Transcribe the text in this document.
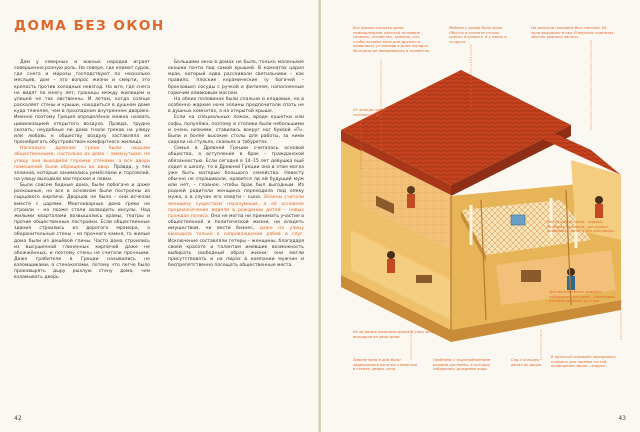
ДОМА БЕЗ ОКОН

Дом у северных и южных народов играет совершенно разную роль. На севере, где климат суров, где снега и морозы господствуют по несколько месяцев, дом – это вопрос жизни и смерти, это крепость против холодных невзгод. На юге, где снега не видят по многу лет, границы между жилищем и улицей не так явственны. И летом, когда солнце раскаляет стены и крыши, находиться в душном доме куда тяжелее, чем в прохладном внутреннем дворике. Именно поэтому Греция определённо можно назвать цивилизацией открытого воздуха. Правда, трудно сказать, неудобные ли дома гнали греков на улицу или любовь к обществу воздуху заставляла их пренебрегать обустройством комфортного жилища.

Насколько древние греки были людьми общественными, настолько их дома – замкнутыми: на улицу они выходили глухими стенами, а все двери помещений были обращены во двор. Правда, у тех эллинов, которые занимались ремёслами и торговлей, на улицу выходили мастерские и лавки.

Были совсем бедные дома, были побогаче и даже роскошные, но все в основном были построены из сырцового кирпича. Дворцов не было – они исчезли вместе с царями. Многокварные дома греки не строили – но позже стали возводить инсулы. Над жилыми кварталами возвышались храмы, театры и прочие общественные постройки. Если общественные здания строились из дорогого мрамора, а оборонительные стены – из прочного камня, то жилые дома были из дешёвой глины. Часто дома строились из высушенной глинянных кирпичей даже не обожжённых, и поэтому стены не считали прочными. Даже грабители в Греции назывались не взломщиками, а стенокопами, потому что легче было проковырять дыру рыхлую стену дома, чем взламывать дверь.

Большими окна в домах не было, только маленькие окошки почти под самой крышей. В комнатах царил мрак, который едва рассеивали светильники – как правило, плоские керамические (у богачей – бронзовые) сосуды с ручкой и фитилем, наполненные горючим оливковым маслом.

На обеих половинах были спальни и кладовые, но в особенно жаркие ночи эллины предпочитали спать не в душных комнатах, а на открытой крыше.

Если на специальных ложах, вроде кушетки или софы, полулёжа, поэтому и столики были небольшими и очень низкими, ставились вокруг ног буквой «П». Были и более высокие столы для работы, за ними сидели на стульях, скамьях и табуретах.

Семья в Древней Греции считалась основой общества, а вступление в брак – гражданской обязанностью. Если сегодня в 14–15 лет девушка ещё ходит в школу, то в Древней Греции она в этом могла уже быть матерью большого семейства. Невесту обычно не спрашивали, нравится ли ей будущий муж или нет, – главное, чтобы брак был выгодным. Из родной родители женщина переходила под опеку мужа, а в случае его смерти – сына. Эллины считали женщину существом неразумным, а её основное предназначение видели в рождении детей – новых граждан полиса. Она не могла ни принимать участие в общественной и политической жизни, ни владеть имуществом, ни вести бизнес, даже на улицу выходила только в сопровождении рабов и слуг. Исключение составляли гетеры – женщины, благодаря своей красоте и талантам имевшие возможность выбирать свободный образ жизни: они могли присутствовать и на пирах в компании мужчин и беспрепятственно посещать общественные места.

42
Все жилые комнаты дома принадлежали женской половине – гинекею. Хозяйство, трапеза, сон, чтобы хозяйка вела дом дружно и правильно, установив в доме порядок. Мужчины не вмешивались в хозяйство.
Мебели у домов было мало. Обычно в комнате стояло кресло и кровать, а у лавок и сундуки.
От холода греки спасали печи.
На женской половине был гинекей. Её окна выходили в сад. В верхних комнатах обычно хранили запасы.
Место для хозяина – андрон. Мужская половина, где хозяин принимал гостей и вёл разговоры.
Для мужчин было принято собираться на пирах – симпозиях, которые длились до утра.
В мужской половине находились комнаты для приема гостей, проведения пиров – андрон.
Замкнутыми в дом были заделывания изнутри отверстия в стенах, двери, окна.
Проблему с водоснабжением решали цистерны, в которых собиралась дождевая вода.
Сад и колодец делал во дворе.
Из-за малых размеров домов и улиц окна выходили во двор дома.
43
